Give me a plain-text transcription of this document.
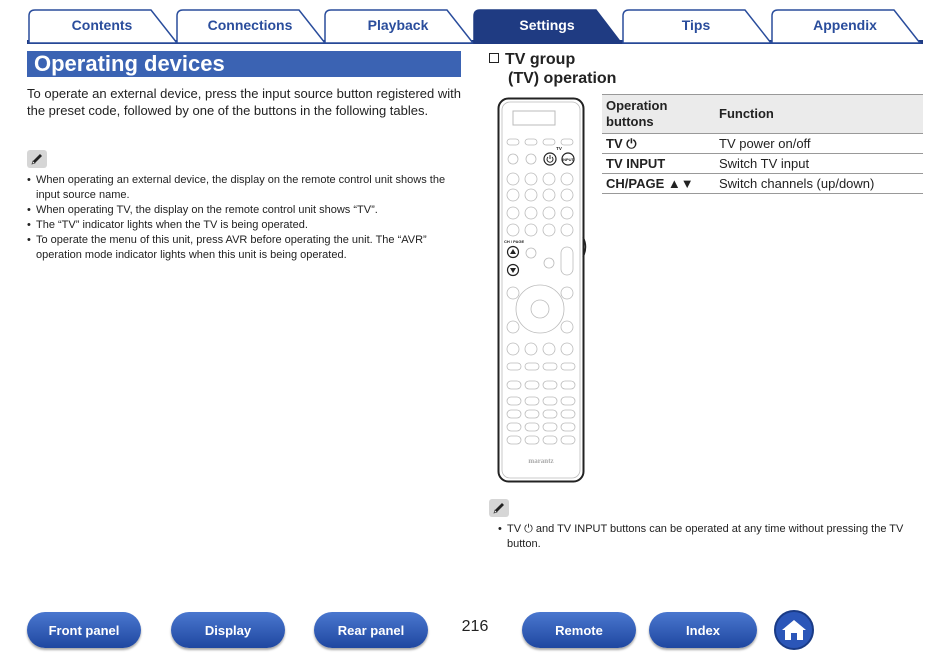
Contents	Connections	Playback	Settings	Tips	Appendix
Operating devices

To operate an external device, press the input source button registered with the preset code, followed by one of the buttons in the following tables.

• When operating an external device, the display on the remote control unit shows the input source name.
• When operating TV, the display on the remote control unit shows “TV”.
• The “TV” indicator lights when the TV is being operated.
• To operate the menu of this unit, press AVR before operating the unit. The “AVR” operation mode indicator lights when this unit is being operated.
TV group
(TV) operation
INPUT
TV
CH / PAGE
marantz
Operation buttons	Function
TV ⏻	TV power on/off
TV INPUT	Switch TV input
CH/PAGE ▲▼	Switch channels (up/down)
• TV ⏻ and TV INPUT buttons can be operated at any time without pressing the TV button.
Front panel	Display	Rear panel	216	Remote	Index
